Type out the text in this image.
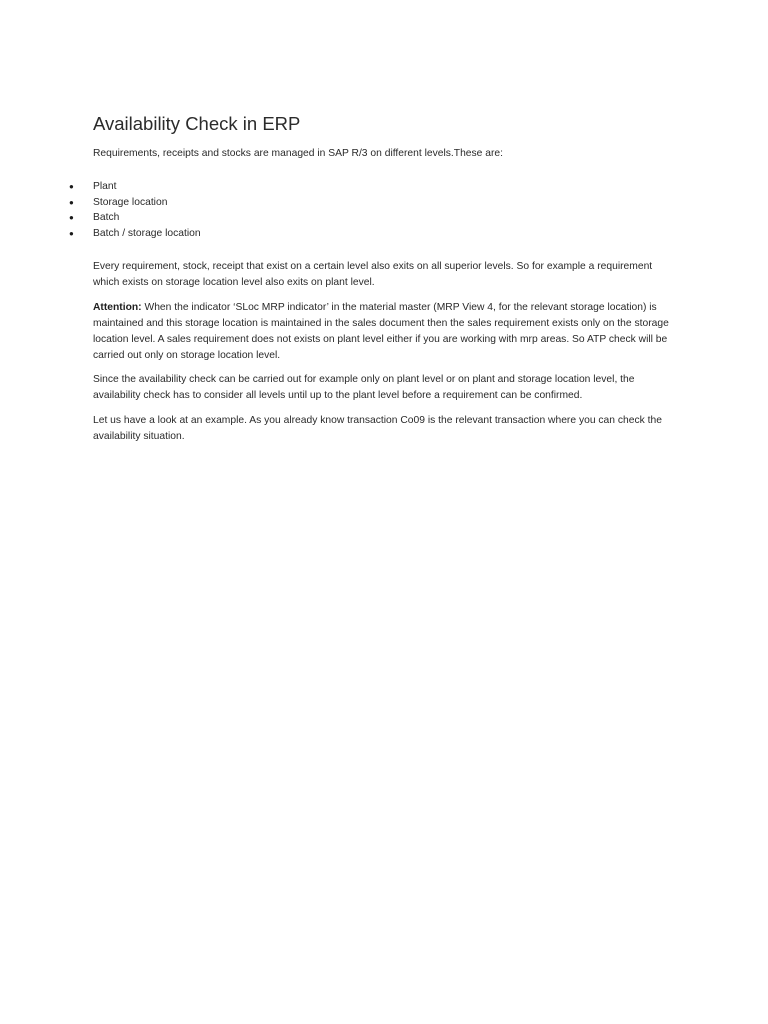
Availability Check in ERP

Requirements, receipts and stocks are managed in SAP R/3 on different levels.These are:

● Plant
● Storage location
● Batch
● Batch / storage location

Every requirement, stock, receipt that exist on a certain level also exits on all superior levels. So for example a requirement which exists on storage location level also exits on plant level.

Attention: When the indicator ‘SLoc MRP indicator’ in the material master (MRP View 4, for the relevant storage location) is maintained and this storage location is maintained in the sales document then the sales requirement exists only on the storage location level. A sales requirement does not exists on plant level either if you are working with mrp areas. So ATP check will be carried out only on storage location level.

Since the availability check can be carried out for example only on plant level or on plant and storage location level, the availability check has to consider all levels until up to the plant level before a requirement can be confirmed.

Let us have a look at an example. As you already know transaction Co09 is the relevant transaction where you can check the availability situation.
